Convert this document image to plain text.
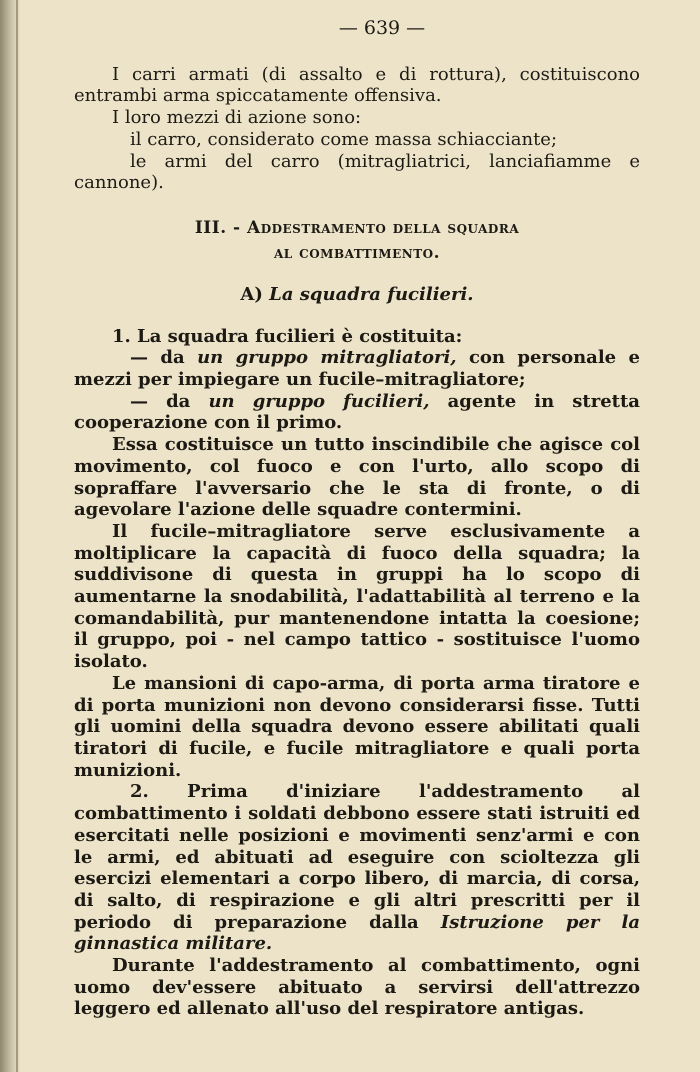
— 639 —

I carri armati (di assalto e di rottura), costituiscono entrambi arma spiccatamente offensiva.

I loro mezzi di azione sono:

il carro, considerato come massa schiacciante;

le armi del carro (mitragliatrici, lanciafiamme e cannone).

III. - Addestramento della squadra
al combattimento.
A) La squadra fucilieri.

1. La squadra fucilieri è costituita:

— da un gruppo mitragliatori, con personale e mezzi per impiegare un fucile–mitragliatore;

— da un gruppo fucilieri, agente in stretta cooperazione con il primo.

Essa costituisce un tutto inscindibile che agisce col movimento, col fuoco e con l'urto, allo scopo di sopraffare l'avversario che le sta di fronte, o di agevolare l'azione delle squadre contermini.

Il fucile–mitragliatore serve esclusivamente a moltiplicare la capacità di fuoco della squadra; la suddivisone di questa in gruppi ha lo scopo di aumentarne la snodabilità, l'adattabilità al terreno e la comandabilità, pur mantenendone intatta la coesione; il gruppo, poi - nel campo tattico - sostituisce l'uomo isolato.

Le mansioni di capo-arma, di porta arma tiratore e di porta munizioni non devono considerarsi fisse. Tutti gli uomini della squadra devono essere abilitati quali tiratori di fucile, e fucile mitragliatore e quali porta munizioni.

2. Prima d'iniziare l'addestramento al combattimento i soldati debbono essere stati istruiti ed esercitati nelle posizioni e movimenti senz'armi e con le armi, ed abituati ad eseguire con scioltezza gli esercizi elementari a corpo libero, di marcia, di corsa, di salto, di respirazione e gli altri prescritti per il periodo di preparazione dalla Istruzione per la ginnastica militare.

Durante l'addestramento al combattimento, ogni uomo dev'essere abituato a servirsi dell'attrezzo leggero ed allenato all'uso del respiratore antigas.
